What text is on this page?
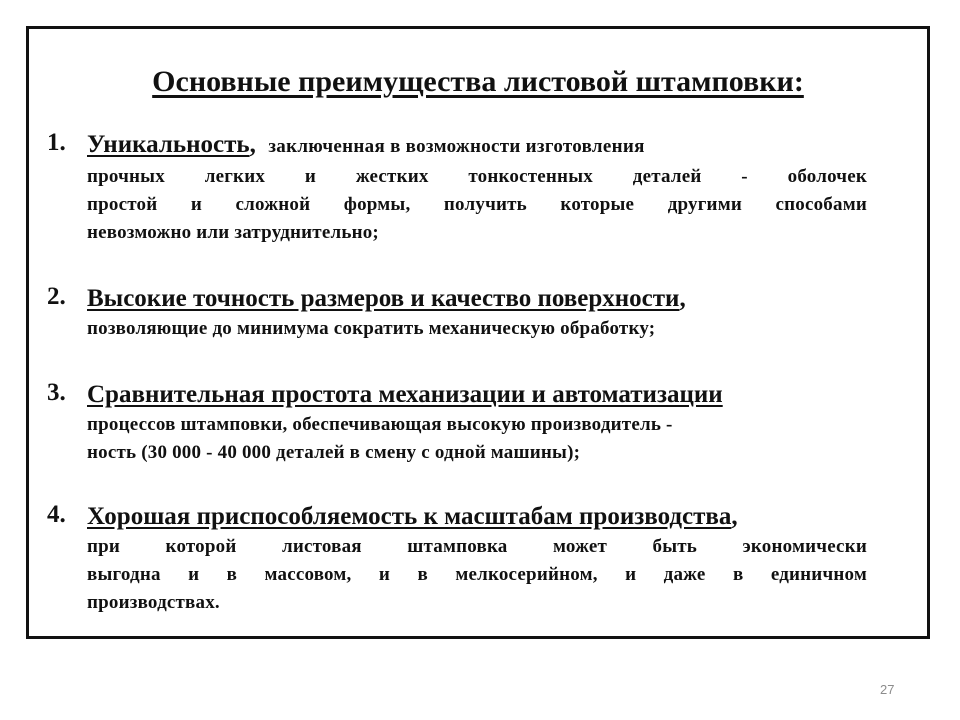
Основные преимущества листовой штамповки:
1. Уникальность, заключенная в возможности изготовления
прочных легких и жестких тонкостенных деталей - оболочек
простой и сложной формы, получить которые другими способами
невозможно или затруднительно;
2. Высокие точность размеров и качество поверхности,
позволяющие до минимума сократить механическую обработку;
3. Сравнительная простота механизации и автоматизации
процессов штамповки, обеспечивающая высокую производитель -
ность (30 000 - 40 000 деталей в смену с одной машины);
4. Хорошая приспособляемость к масштабам производства,
при которой листовая штамповка может быть экономически
выгодна и в массовом, и в мелкосерийном, и даже в единичном
производствах.
27
